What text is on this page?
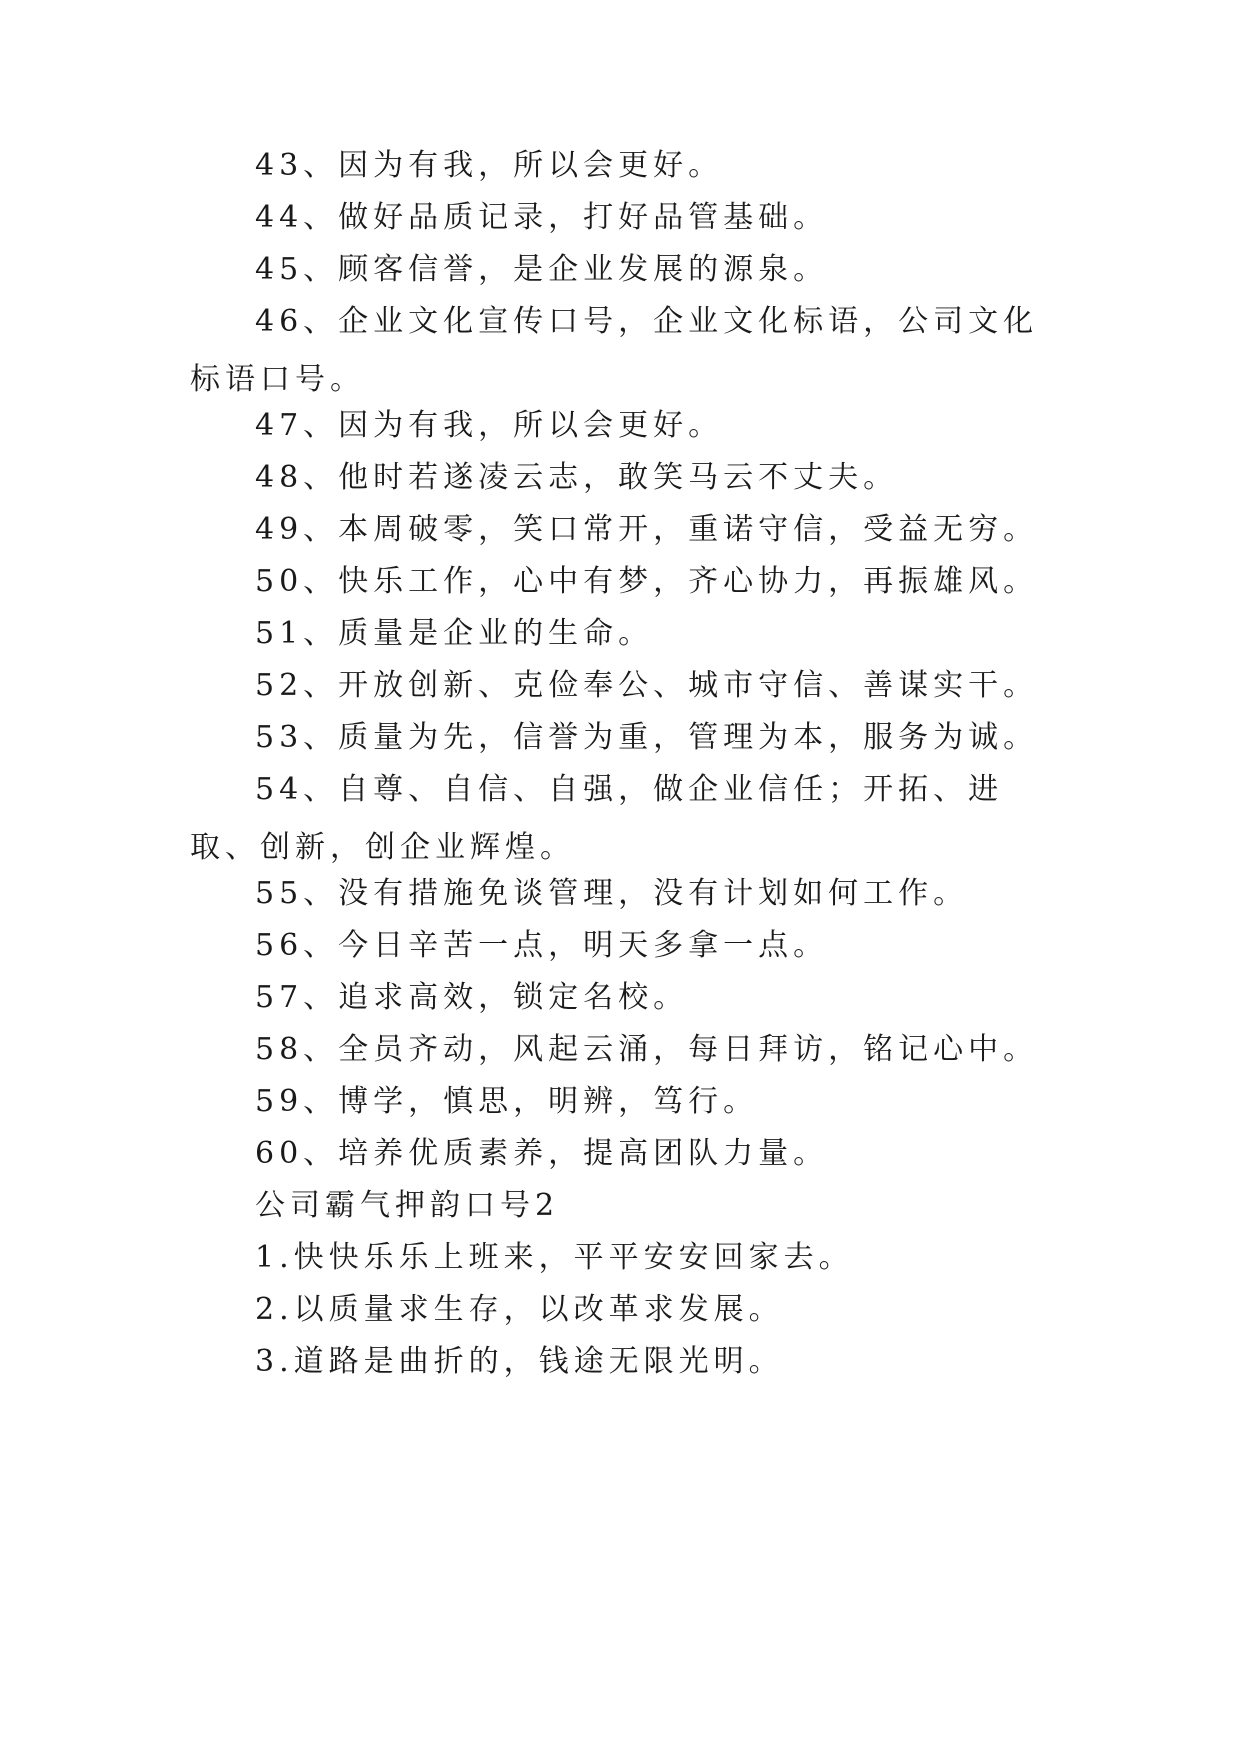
43、因为有我，所以会更好。

44、做好品质记录，打好品管基础。

45、顾客信誉，是企业发展的源泉。

46、企业文化宣传口号，企业文化标语，公司文化标语口号。

47、因为有我，所以会更好。

48、他时若遂凌云志，敢笑马云不丈夫。

49、本周破零，笑口常开，重诺守信，受益无穷。

50、快乐工作，心中有梦，齐心协力，再振雄风。

51、质量是企业的生命。

52、开放创新、克俭奉公、城市守信、善谋实干。

53、质量为先，信誉为重，管理为本，服务为诚。

54、自尊、自信、自强，做企业信任；开拓、进取、创新，创企业辉煌。

55、没有措施免谈管理，没有计划如何工作。

56、今日辛苦一点，明天多拿一点。

57、追求高效，锁定名校。

58、全员齐动，风起云涌，每日拜访，铭记心中。

59、博学，慎思，明辨，笃行。

60、培养优质素养，提高团队力量。

公司霸气押韵口号2

1.快快乐乐上班来，平平安安回家去。

2.以质量求生存，以改革求发展。

3.道路是曲折的，钱途无限光明。
